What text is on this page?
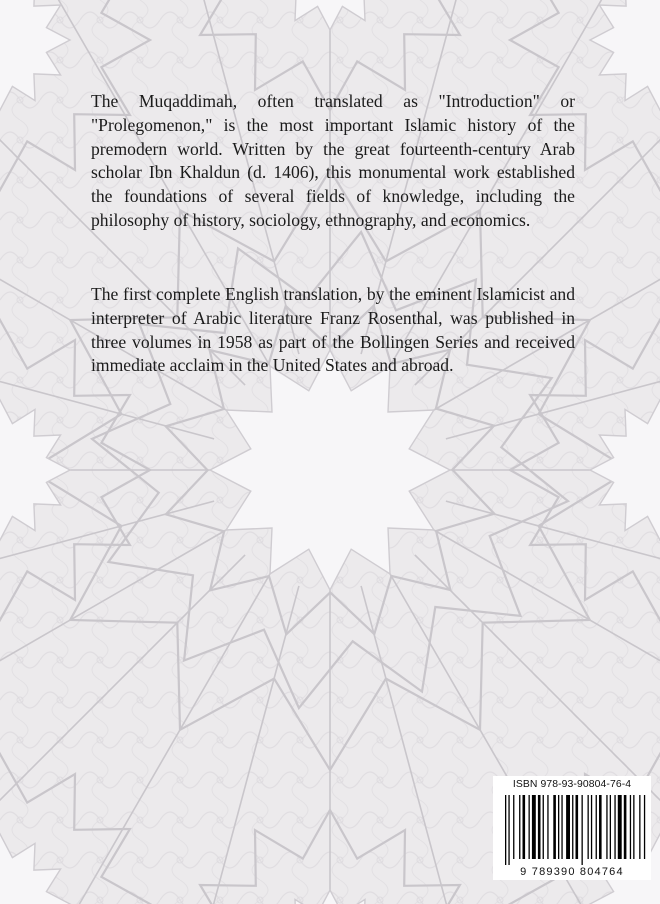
The Muqaddimah, often translated as "Introduction" or "Prolegomenon," is the most important Islamic history of the premodern world. Written by the great fourteenth-century Arab scholar Ibn Khaldun (d. 1406), this monumental work established the foundations of several fields of knowledge, including the philosophy of history, sociology, ethnography, and economics.

The first complete English translation, by the eminent Islamicist and interpreter of Arabic literature Franz Rosenthal, was published in three volumes in 1958 as part of the Bollingen Series and received immediate acclaim in the United States and abroad.

ISBN 978-93-90804-76-4
9 789390 804764
